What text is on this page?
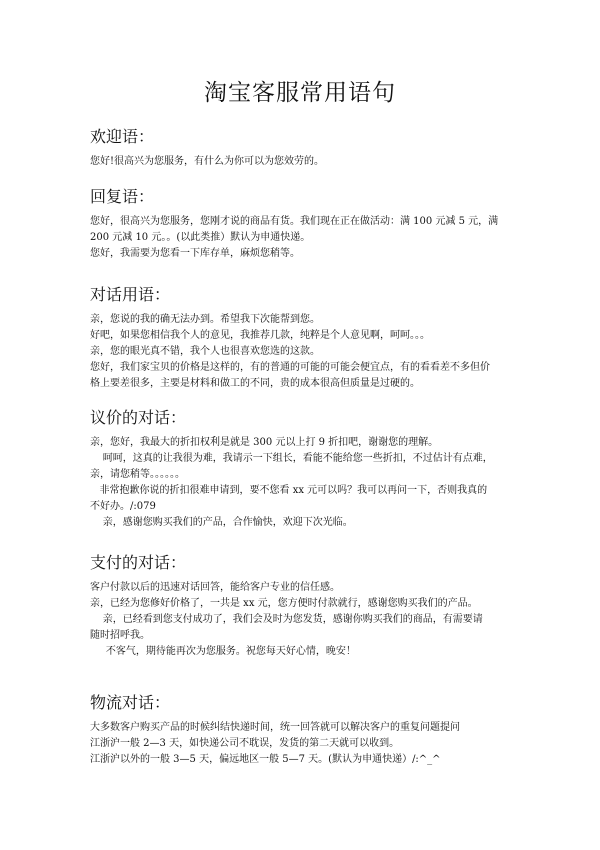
淘宝客服常用语句
欢迎语：

您好!很高兴为您服务，有什么为你可以为您效劳的。

回复语：

您好，很高兴为您服务，您刚才说的商品有货。我们现在正在做活动：满 100 元减 5 元，满

200 元减 10 元。。(以此类推）默认为申通快递。

您好，我需要为您看一下库存单，麻烦您稍等。

对话用语：

亲，您说的我的确无法办到。希望我下次能帮到您。

好吧，如果您相信我个人的意见，我推荐几款，纯粹是个人意见啊，呵呵。。。

亲，您的眼光真不错，我个人也很喜欢您选的这款。

您好，我们家宝贝的价格是这样的，有的普通的可能的可能会便宜点，有的看看差不多但价

格上要差很多，主要是材料和做工的不同，贵的成本很高但质量是过硬的。

议价的对话：

亲，您好，我最大的折扣权利是就是 300 元以上打 9 折扣吧，谢谢您的理解。

呵呵，这真的让我很为难，我请示一下组长，看能不能给您一些折扣，不过估计有点难，

亲，请您稍等。。。。。。

非常抱歉你说的折扣很难申请到，要不您看 xx 元可以吗？我可以再问一下，否则我真的

不好办。/:079

亲，感谢您购买我们的产品，合作愉快，欢迎下次光临。

支付的对话：

客户付款以后的迅速对话回答，能给客户专业的信任感。

亲，已经为您修好价格了，一共是 xx 元，您方便时付款就行，感谢您购买我们的产品。

亲，已经看到您支付成功了，我们会及时为您发货，感谢你购买我们的商品，有需要请

随时招呼我。

不客气，期待能再次为您服务。祝您每天好心情，晚安！

物流对话：

大多数客户购买产品的时候纠结快递时间，统一回答就可以解决客户的重复问题提问

江浙沪一般 2—3 天，如快递公司不耽误，发货的第二天就可以收到。

江浙沪以外的一般 3—5 天，偏远地区一般 5—7 天。(默认为申通快递）/:^_^
